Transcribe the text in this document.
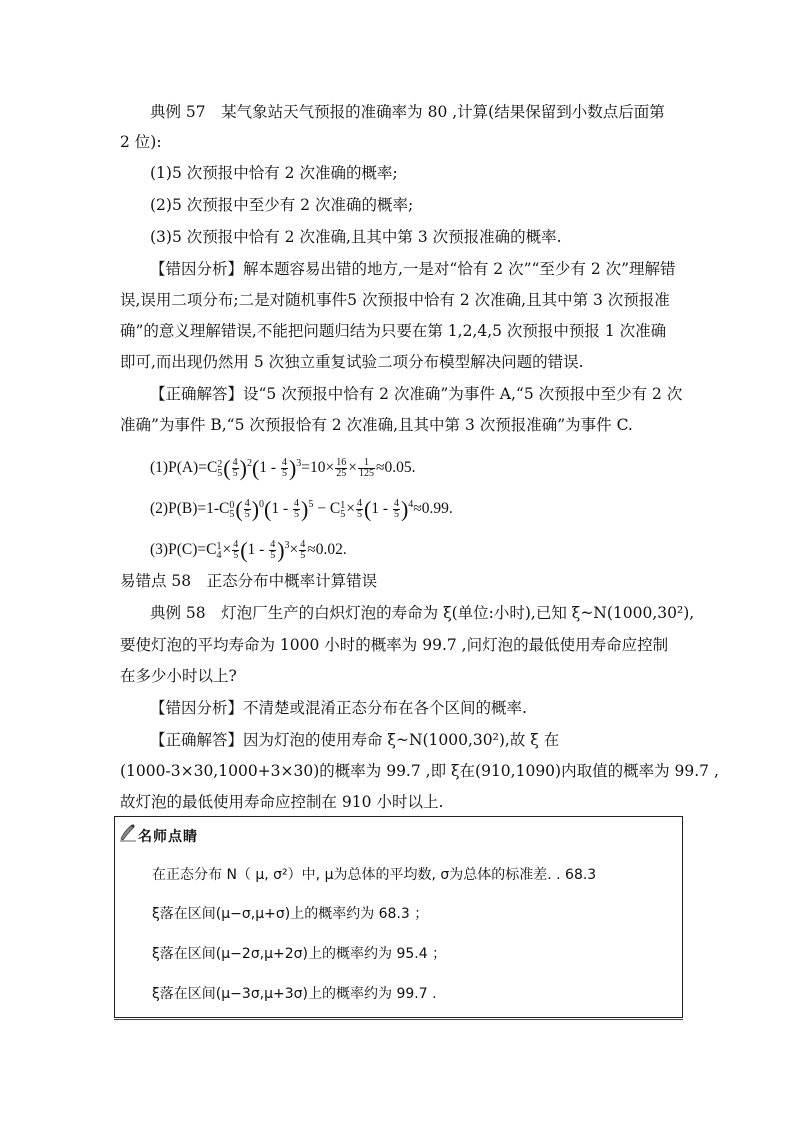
典例 57　某气象站天气预报的准确率为 80 ,计算(结果保留到小数点后面第
2 位):
(1)5 次预报中恰有 2 次准确的概率;
(2)5 次预报中至少有 2 次准确的概率;
(3)5 次预报中恰有 2 次准确,且其中第 3 次预报准确的概率.
【错因分析】解本题容易出错的地方,一是对“恰有 2 次”“至少有 2 次”理解错
误,误用二项分布;二是对随机事件5 次预报中恰有 2 次准确,且其中第 3 次预报准
确”的意义理解错误,不能把问题归结为只要在第 1,2,4,5 次预报中预报 1 次准确
即可,而出现仍然用 5 次独立重复试验二项分布模型解决问题的错误.
【正确解答】设“5 次预报中恰有 2 次准确”为事件 A,“5 次预报中至少有 2 次
准确”为事件 B,“5 次预报恰有 2 次准确,且其中第 3 次预报准确”为事件 C.
(1)P(A)=C 2
5 ( $\frac{4}{5} )^2(1 - \frac{4}{5} )^3=10\times \frac{16}{25} \times \frac{1}{125} \approx 0.05$.
(2)P(B)=1-C 0
5 ( $\frac{4}{5} )^0(1 - \frac{4}{5} )^5 - C$ 1
$5 \times \frac{4}{5} (1 - \frac{4}{5} )^4\approx 0.99$.
(3)P(C)=C 1
$4 \times \frac{4}{5} (1 - \frac{4}{5} )^3\times \frac{4}{5} \approx 0.02$.
易错点 58　正态分布中概率计算错误
典例 58　灯泡厂生产的白炽灯泡的寿命为 ξ(单位:小时),已知 ξ~N(1000,30²),
要使灯泡的平均寿命为 1000 小时的概率为 99.7 ,问灯泡的最低使用寿命应控制
在多少小时以上?
【错因分析】不清楚或混淆正态分布在各个区间的概率.
【正确解答】因为灯泡的使用寿命 ξ~N(1000,30²),故 ξ 在
(1000-3×30,1000+3×30)的概率为 99.7 ,即 ξ在(910,1090)内取值的概率为 99.7 ,
故灯泡的最低使用寿命应控制在 910 小时以上.
名师点睛
在正态分布 N（ μ, σ²）中, μ为总体的平均数, σ为总体的标准差. . 68.3
ξ落在区间(μ−σ,μ+σ)上的概率约为 68.3 ；
ξ落在区间(μ−2σ,μ+2σ)上的概率约为 95.4 ；
ξ落在区间(μ−3σ,μ+3σ)上的概率约为 99.7 .
